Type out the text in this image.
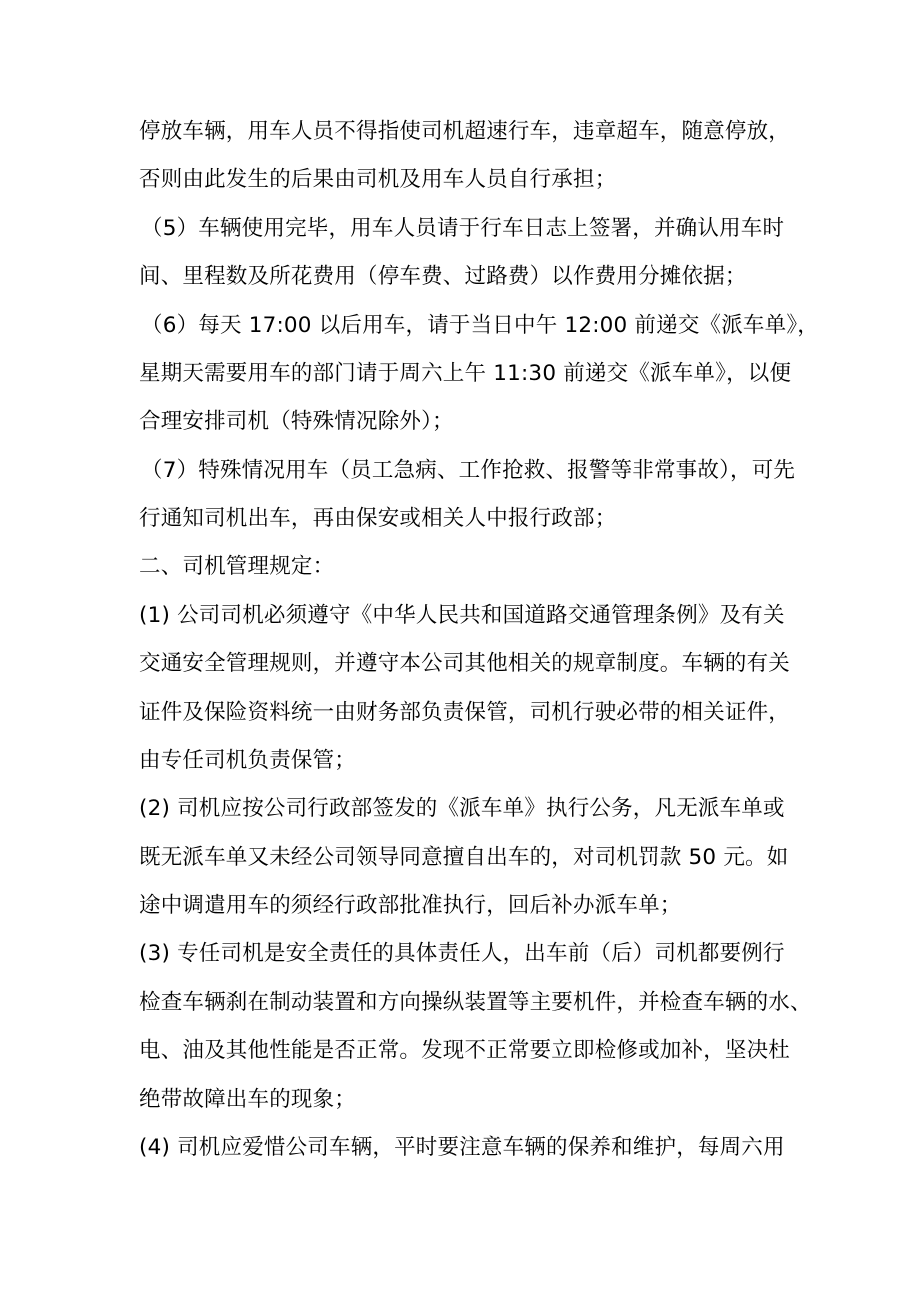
停放车辆，用车人员不得指使司机超速行车，违章超车，随意停放，
否则由此发生的后果由司机及用车人员自行承担；
（5）车辆使用完毕，用车人员请于行车日志上签署，并确认用车时
间、里程数及所花费用（停车费、过路费）以作费用分摊依据；
（6）每天 17:00 以后用车，请于当日中午 12:00 前递交《派车单》，
星期天需要用车的部门请于周六上午 11:30 前递交《派车单》，以便
合理安排司机（特殊情况除外）；
（7）特殊情况用车（员工急病、工作抢救、报警等非常事故），可先
行通知司机出车，再由保安或相关人中报行政部；
二、司机管理规定：
(1) 公司司机必须遵守《中华人民共和国道路交通管理条例》及有关
交通安全管理规则，并遵守本公司其他相关的规章制度。车辆的有关
证件及保险资料统一由财务部负责保管，司机行驶必带的相关证件，
由专任司机负责保管；
(2) 司机应按公司行政部签发的《派车单》执行公务，凡无派车单或
既无派车单又未经公司领导同意擅自出车的，对司机罚款 50 元。如
途中调遣用车的须经行政部批准执行，回后补办派车单；
(3) 专任司机是安全责任的具体责任人，出车前（后）司机都要例行
检查车辆刹在制动装置和方向操纵装置等主要机件，并检查车辆的水、
电、油及其他性能是否正常。发现不正常要立即检修或加补，坚决杜
绝带故障出车的现象；
(4) 司机应爱惜公司车辆，平时要注意车辆的保养和维护，每周六用
